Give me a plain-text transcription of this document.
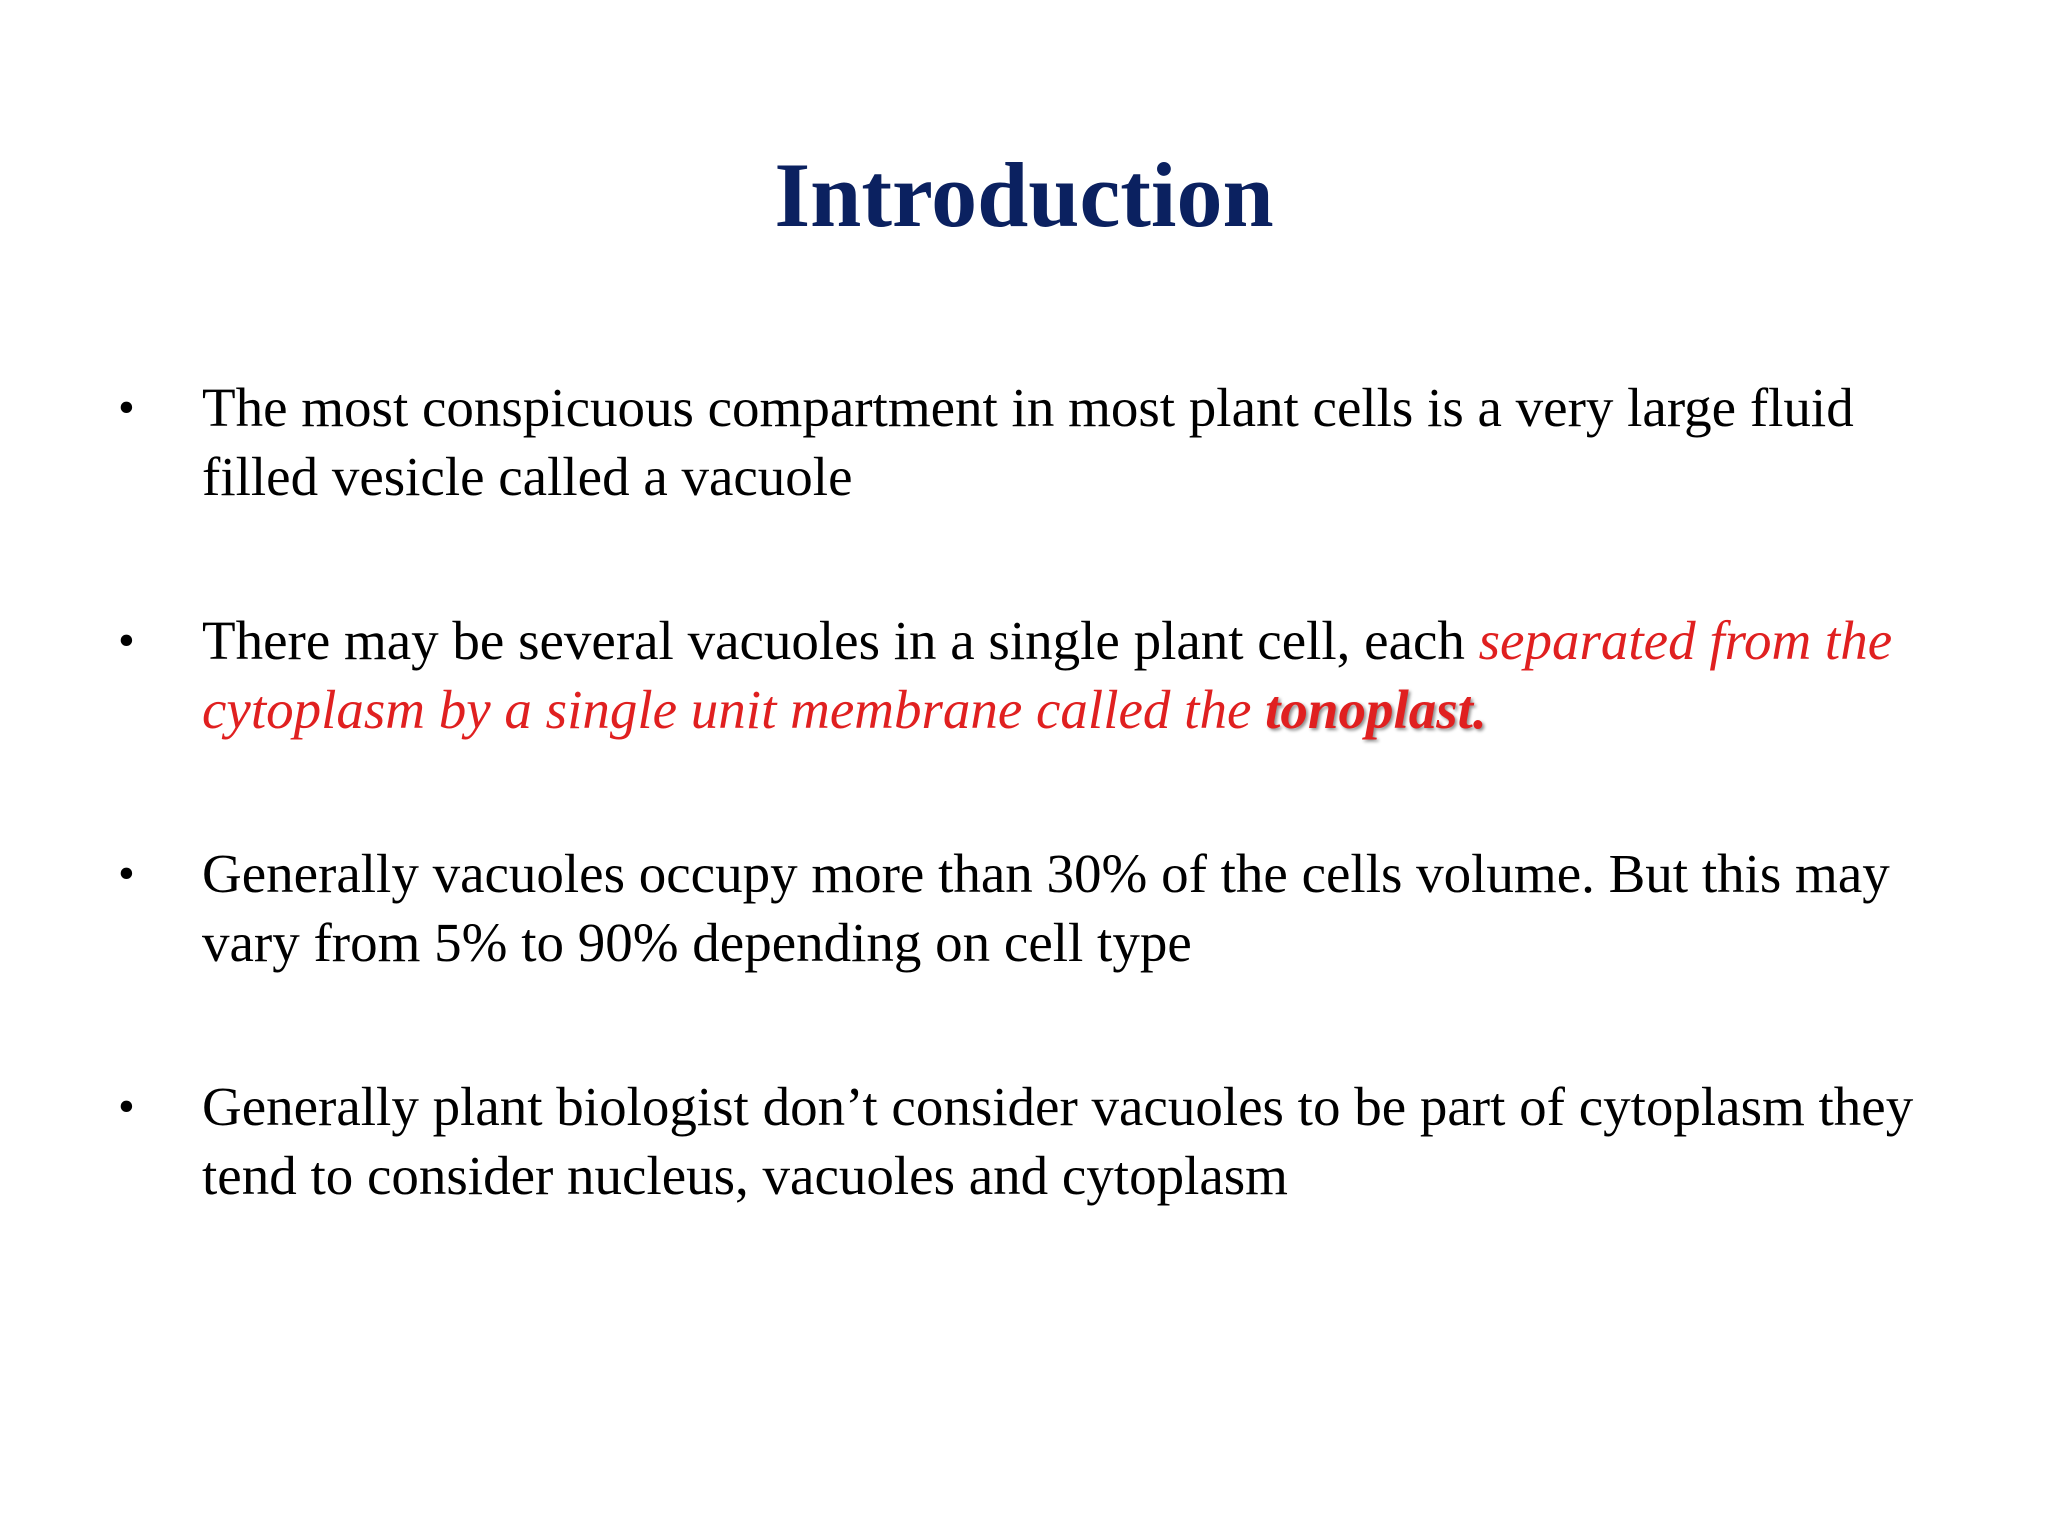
Introduction
•	The most conspicuous compartment in most plant cells is a very large fluid filled vesicle called a vacuole
•	There may be several vacuoles in a single plant cell, each separated from the cytoplasm by a single unit membrane called the tonoplast.
•	Generally vacuoles occupy more than 30% of the cells volume. But this may vary from 5% to 90% depending on cell type
•	Generally plant biologist don’t consider vacuoles to be part of cytoplasm they tend to consider nucleus, vacuoles and cytoplasm
